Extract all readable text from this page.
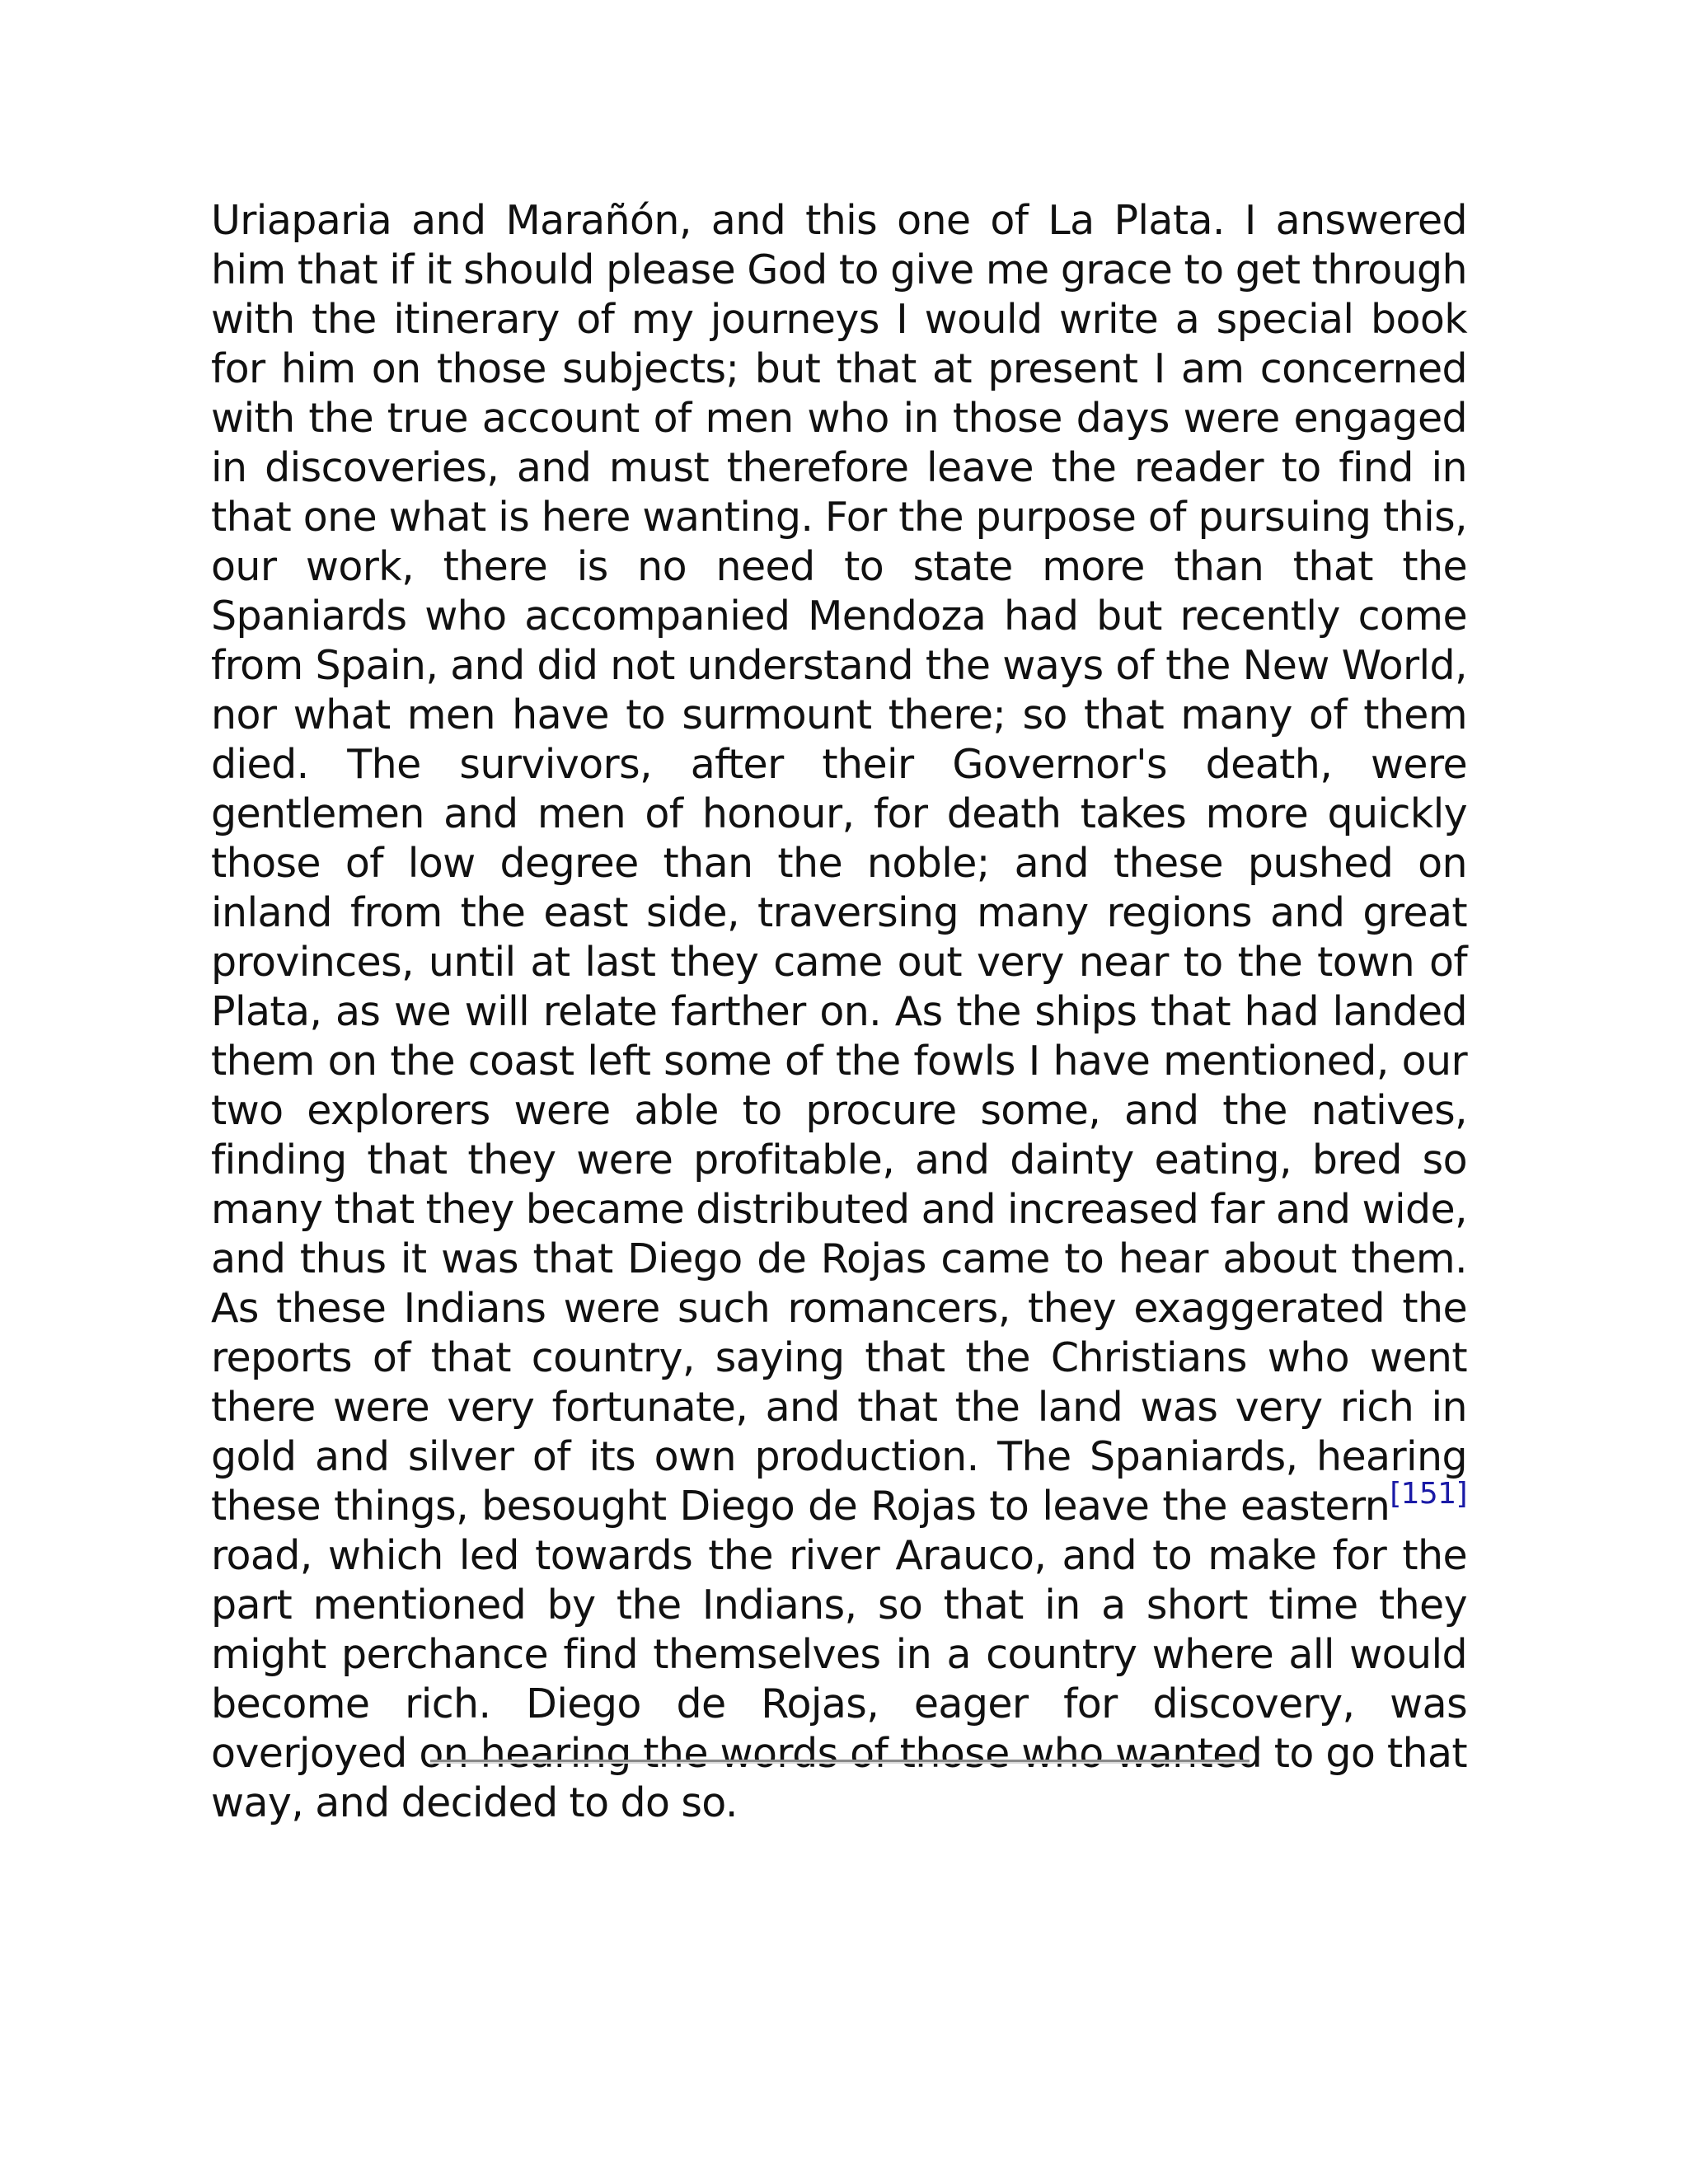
Uriaparia and Marañón, and this one of La Plata. I answered him that if it should please God to give me grace to get through with the itinerary of my journeys I would write a special book for him on those subjects; but that at present I am concerned with the true account of men who in those days were engaged in discoveries, and must therefore leave the reader to find in that one what is here wanting. For the purpose of pursuing this, our work, there is no need to state more than that the Spaniards who accompanied Mendoza had but recently come from Spain, and did not understand the ways of the New World, nor what men have to surmount there; so that many of them died. The survivors, after their Governor's death, were gentlemen and men of honour, for death takes more quickly those of low degree than the noble; and these pushed on inland from the east side, traversing many regions and great provinces, until at last they came out very near to the town of Plata, as we will relate farther on. As the ships that had landed them on the coast left some of the fowls I have mentioned, our two explorers were able to procure some, and the natives, finding that they were profitable, and dainty eating, bred so many that they became distributed and increased far and wide, and thus it was that Diego de Rojas came to hear about them. As these Indians were such romancers, they exaggerated the reports of that country, saying that the Christians who went there were very fortunate, and that the land was very rich in gold and silver of its own production. The Spaniards, hearing these things, besought Diego de Rojas to leave the eastern[151] road, which led towards the river Arauco, and to make for the part mentioned by the Indians, so that in a short time they might perchance find themselves in a country where all would become rich. Diego de Rojas, eager for discovery, was overjoyed on hearing the words of those who wanted to go that way, and decided to do so.
